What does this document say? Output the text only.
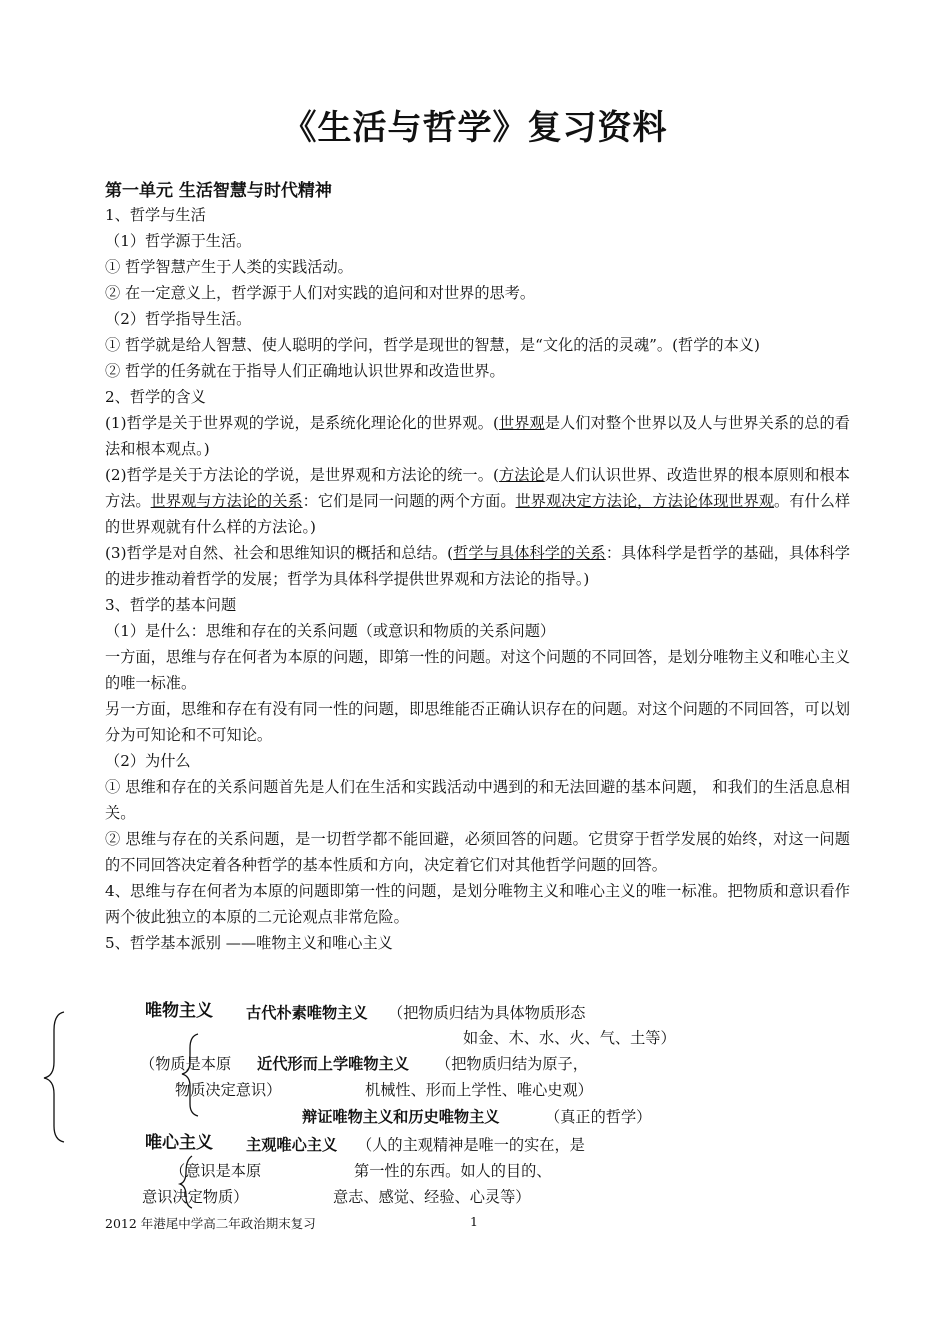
《生活与哲学》复习资料
第一单元 生活智慧与时代精神

1、哲学与生活

（1）哲学源于生活。

① 哲学智慧产生于人类的实践活动。

② 在一定意义上，哲学源于人们对实践的追问和对世界的思考。

（2）哲学指导生活。

① 哲学就是给人智慧、使人聪明的学问，哲学是现世的智慧，是“文化的活的灵魂”。(哲学的本义)

② 哲学的任务就在于指导人们正确地认识世界和改造世界。

2、哲学的含义

(1)哲学是关于世界观的学说，是系统化理论化的世界观。(世界观是人们对整个世界以及人与世界关系的总的看法和根本观点。)

(2)哲学是关于方法论的学说，是世界观和方法论的统一。(方法论是人们认识世界、改造世界的根本原则和根本方法。世界观与方法论的关系：它们是同一问题的两个方面。世界观决定方法论，方法论体现世界观。有什么样的世界观就有什么样的方法论。)

(3)哲学是对自然、社会和思维知识的概括和总结。(哲学与具体科学的关系：具体科学是哲学的基础，具体科学的进步推动着哲学的发展；哲学为具体科学提供世界观和方法论的指导。)

3、哲学的基本问题

（1）是什么：思维和存在的关系问题（或意识和物质的关系问题）

一方面，思维与存在何者为本原的问题，即第一性的问题。对这个问题的不同回答，是划分唯物主义和唯心主义的唯一标准。

另一方面，思维和存在有没有同一性的问题，即思维能否正确认识存在的问题。对这个问题的不同回答，可以划分为可知论和不可知论。

（2）为什么

① 思维和存在的关系问题首先是人们在生活和实践活动中遇到的和无法回避的基本问题， 和我们的生活息息相关。

② 思维与存在的关系问题，是一切哲学都不能回避，必须回答的问题。它贯穿于哲学发展的始终，对这一问题的不同回答决定着各种哲学的基本性质和方向，决定着它们对其他哲学问题的回答。

4、思维与存在何者为本原的问题即第一性的问题，是划分唯物主义和唯心主义的唯一标准。把物质和意识看作两个彼此独立的本原的二元论观点非常危险。

5、哲学基本派别 ——唯物主义和唯心主义

唯物主义 古代朴素唯物主义 （把物质归结为具体物质形态
如金、木、水、火、气、土等）
（物质是本原 近代形而上学唯物主义 （把物质归结为原子，
物质决定意识）	机械性、形而上学性、唯心史观）
辩证唯物主义和历史唯物主义	（真正的哲学）
唯心主义 主观唯心主义 （人的主观精神是唯一的实在，是
（意识是本原	第一性的东西。如人的目的、
意识决定物质）	意志、感觉、经验、心灵等）
2012 年港尾中学高二年政治期末复习	1
